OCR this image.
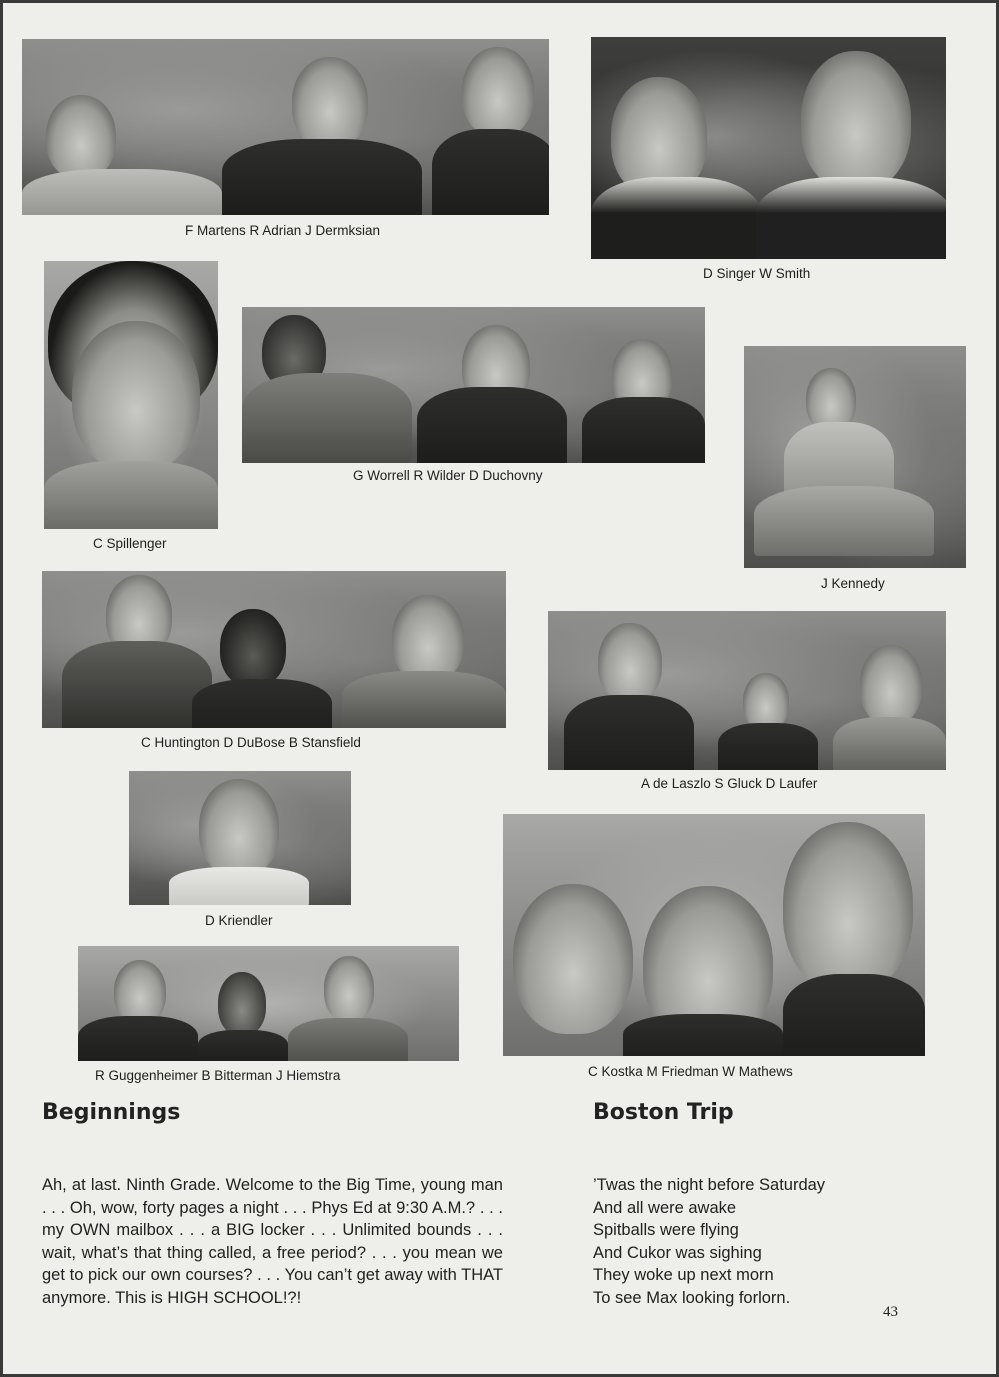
F Martens R Adrian J Dermksian
D Singer W Smith
C Spillenger
G Worrell R Wilder D Duchovny
J Kennedy
C Huntington D DuBose B Stansfield
A de Laszlo S Gluck D Laufer
D Kriendler
C Kostka M Friedman W Mathews
R Guggenheimer B Bitterman J Hiemstra
Beginnings

Ah, at last. Ninth Grade. Welcome to the Big Time, young man . . . Oh, wow, forty pages a night . . . Phys Ed at 9:30 A.M.? . . . my OWN mailbox . . . a BIG locker . . . Unlimited bounds . . . wait, what’s that thing called, a free period? . . . you mean we get to pick our own courses? . . . You can’t get away with THAT anymore. This is HIGH SCHOOL!?!

Boston Trip
’Twas the night before Saturday
And all were awake
Spitballs were flying
And Cukor was sighing
They woke up next morn
To see Max looking forlorn.
43
